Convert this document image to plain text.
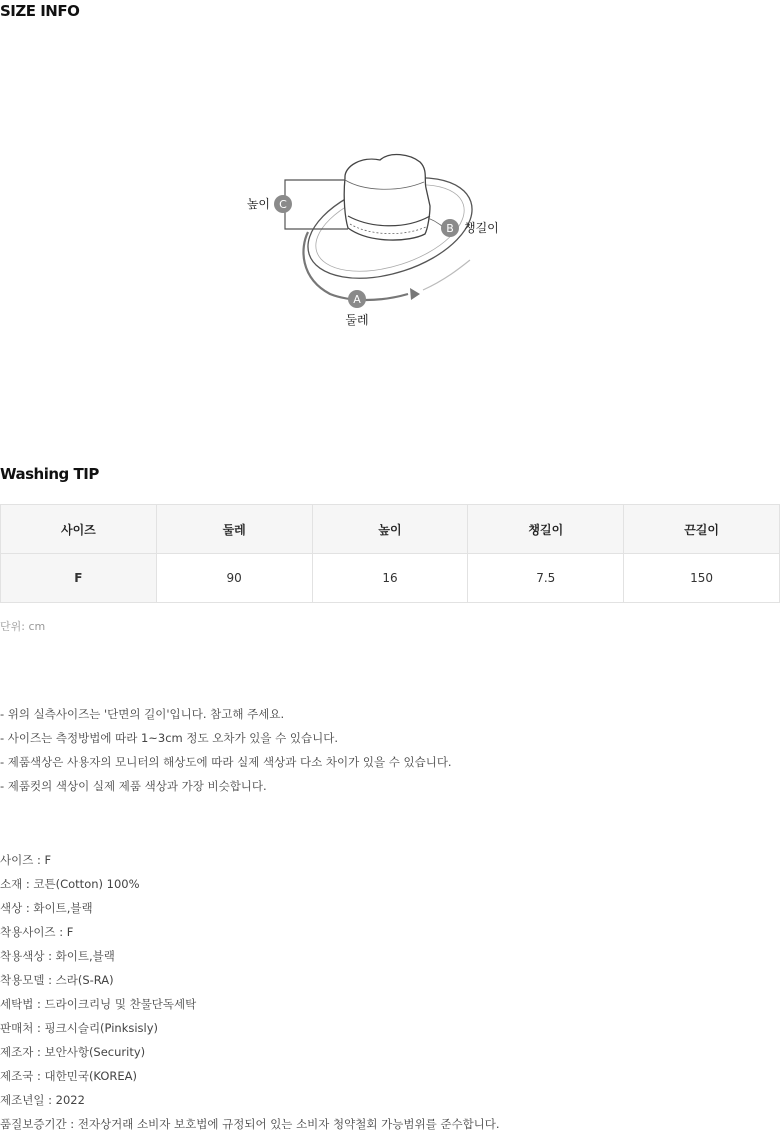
SIZE INFO
C
높이
B 챙길이
A
둘레
Washing TIP
사이즈	둘레	높이	챙길이	끈길이
F	90	16	7.5	150
단위: cm
- 위의 실측사이즈는 '단면의 길이'입니다. 참고해 주세요.
- 사이즈는 측정방법에 따라 1~3cm 정도 오차가 있을 수 있습니다.
- 제품색상은 사용자의 모니터의 해상도에 따라 실제 색상과 다소 차이가 있을 수 있습니다.
- 제품컷의 색상이 실제 제품 색상과 가장 비슷합니다.
사이즈 : F
소재 : 코튼(Cotton) 100%
색상 : 화이트,블랙
착용사이즈 : F
착용색상 : 화이트,블랙
착용모델 : 스라(S-RA)
세탁법 : 드라이크리닝 및 찬물단독세탁
판매처 : 핑크시슬리(Pinksisly)
제조자 : 보안사항(Security)
제조국 : 대한민국(KOREA)
제조년일 : 2022
품질보증기간 : 전자상거래 소비자 보호법에 규정되어 있는 소비자 청약철회 가능범위를 준수합니다.
